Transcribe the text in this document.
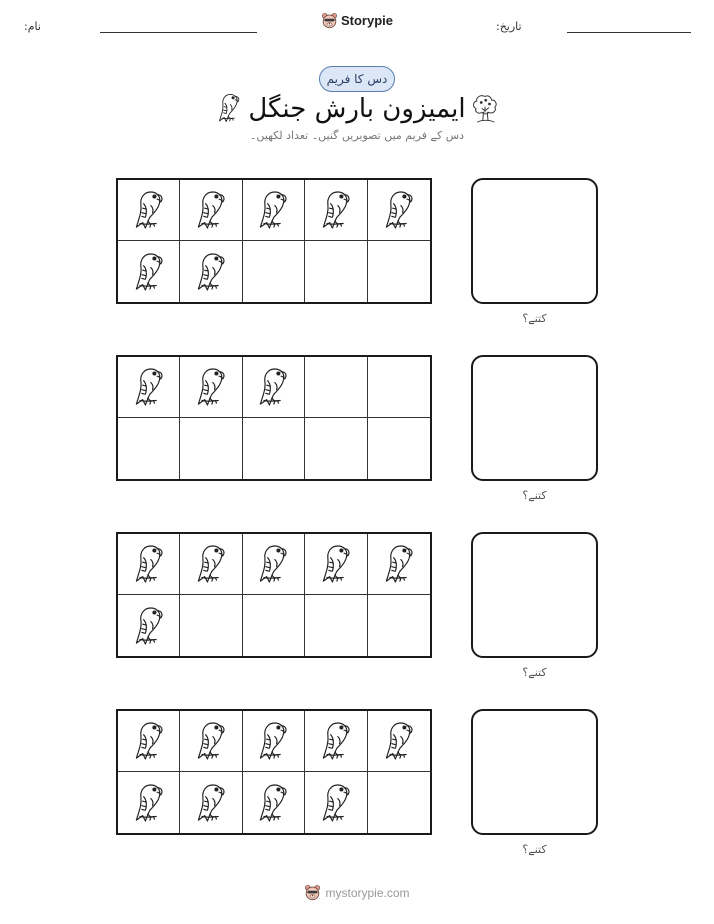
نام:	Storypie	تاریخ:
دس کا فریم
ایمیزون بارش جنگل
دس کے فریم میں تصویریں گنیں۔ تعداد لکھیں۔
کتنے؟
کتنے؟
کتنے؟
کتنے؟
mystorypie.com
